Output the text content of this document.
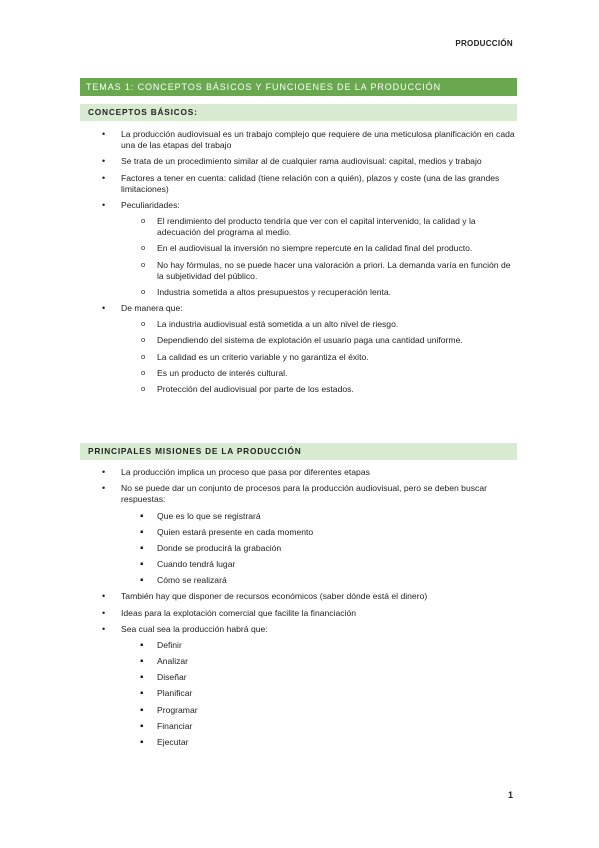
PRODUCCIÓN
TEMAS 1: CONCEPTOS BÁSICOS Y FUNCIOENES DE LA PRODUCCIÓN
CONCEPTOS BÁSICOS:
• La producción audiovisual es un trabajo complejo que requiere de una meticulosa planificación en cada una de las etapas del trabajo
• Se trata de un procedimiento similar al de cualquier rama audiovisual: capital, medios y trabajo
• Factores a tener en cuenta: calidad (tiene relación con a quién), plazos y coste (una de las grandes limitaciones)
• Peculiaridades:
o El rendimiento del producto tendría que ver con el capital intervenido, la calidad y la adecuación del programa al medio.
o En el audiovisual la inversión no siempre repercute en la calidad final del producto.
o No hay fórmulas, no se puede hacer una valoración a priori. La demanda varía en función de la subjetividad del público.
o Industria sometida a altos presupuestos y recuperación lenta.
• De manera que:
o La industria audiovisual está sometida a un alto nivel de riesgo.
o Dependiendo del sistema de explotación el usuario paga una cantidad uniforme.
o La calidad es un criterio variable y no garantiza el éxito.
o Es un producto de interés cultural.
o Protección del audiovisual por parte de los estados.
PRINCIPALES MISIONES DE LA PRODUCCIÓN
• La producción implica un proceso que pasa por diferentes etapas
• No se puede dar un conjunto de procesos para la producción audiovisual, pero se deben buscar respuestas:
▪ Que es lo que se registrará
▪ Quien estará presente en cada momento
▪ Donde se producirá la grabación
▪ Cuando tendrá lugar
▪ Cómo se realizará
• También hay que disponer de recursos económicos (saber dónde está el dinero)
• Ideas para la explotación comercial que facilite la financiación
• Sea cual sea la producción habrá que:
▪ Definir
▪ Analizar
▪ Diseñar
▪ Planificar
▪ Programar
▪ Financiar
▪ Ejecutar
1
